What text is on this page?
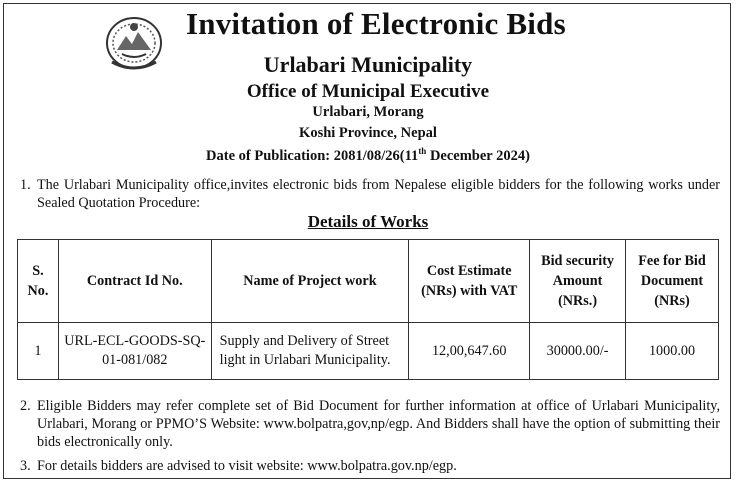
Invitation of Electronic Bids

Urlabari Municipality

Office of Municipal Executive

Urlabari, Morang

Koshi Province, Nepal

Date of Publication: 2081/08/26(11th December 2024)

1. The Urlabari Municipality office,invites electronic bids from Nepalese eligible bidders for the following works under Sealed Quotation Procedure:

Details of Works

S. No.	Contract Id No.	Name of Project work	Cost Estimate (NRs) with VAT	Bid security Amount (NRs.)	Fee for Bid Document (NRs)
1	URL-ECL-GOODS-SQ-01-081/082	Supply and Delivery of Street light in Urlabari Municipality.	12,00,647.60	30000.00/-	1000.00
2. Eligible Bidders may refer complete set of Bid Document for further information at office of Urlabari Municipality, Urlabari, Morang or PPMO’S Website: www.bolpatra,gov,np/egp. And Bidders shall have the option of submitting their bids electronically only.
3. For details bidders are advised to visit website: www.bolpatra.gov.np/egp.
